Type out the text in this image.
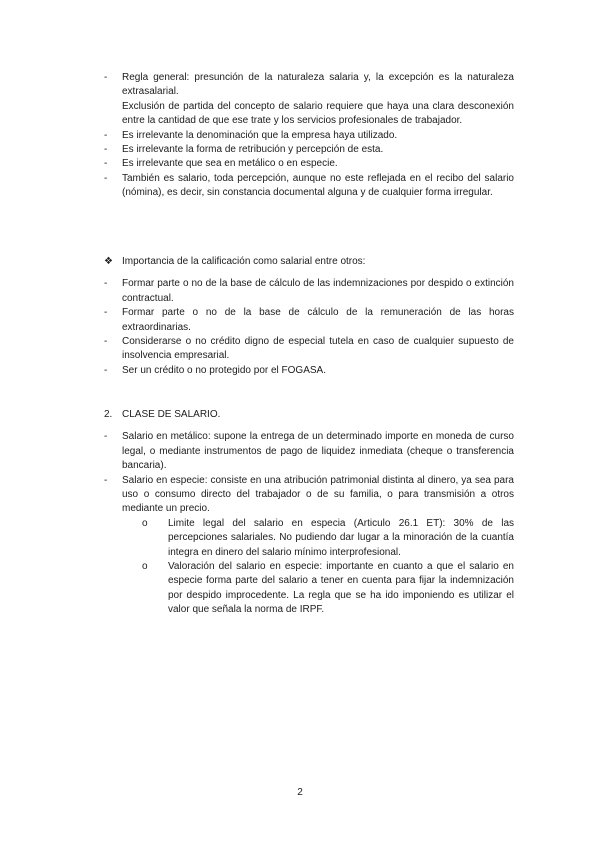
- Regla general: presunción de la naturaleza salaria y, la excepción es la naturaleza extrasalarial.
Exclusión de partida del concepto de salario requiere que haya una clara desconexión entre la cantidad de que ese trate y los servicios profesionales de trabajador.
- Es irrelevante la denominación que la empresa haya utilizado.
- Es irrelevante la forma de retribución y percepción de esta.
- Es irrelevante que sea en metálico o en especie.
- También es salario, toda percepción, aunque no este reflejada en el recibo del salario (nómina), es decir, sin constancia documental alguna y de cualquier forma irregular.
❖ Importancia de la calificación como salarial entre otros:
- Formar parte o no de la base de cálculo de las indemnizaciones por despido o extinción contractual.
- Formar parte o no de la base de cálculo de la remuneración de las horas extraordinarias.
- Considerarse o no crédito digno de especial tutela en caso de cualquier supuesto de insolvencia empresarial.
- Ser un crédito o no protegido por el FOGASA.
2. CLASE DE SALARIO.
- Salario en metálico: supone la entrega de un determinado importe en moneda de curso legal, o mediante instrumentos de pago de liquidez inmediata (cheque o transferencia bancaria).
- Salario en especie: consiste en una atribución patrimonial distinta al dinero, ya sea para uso o consumo directo del trabajador o de su familia, o para transmisión a otros mediante un precio.
o Limite legal del salario en especia (Articulo 26.1 ET): 30% de las percepciones salariales. No pudiendo dar lugar a la minoración de la cuantía integra en dinero del salario mínimo interprofesional.
o Valoración del salario en especie: importante en cuanto a que el salario en especie forma parte del salario a tener en cuenta para fijar la indemnización por despido improcedente. La regla que se ha ido imponiendo es utilizar el valor que señala la norma de IRPF.
2
